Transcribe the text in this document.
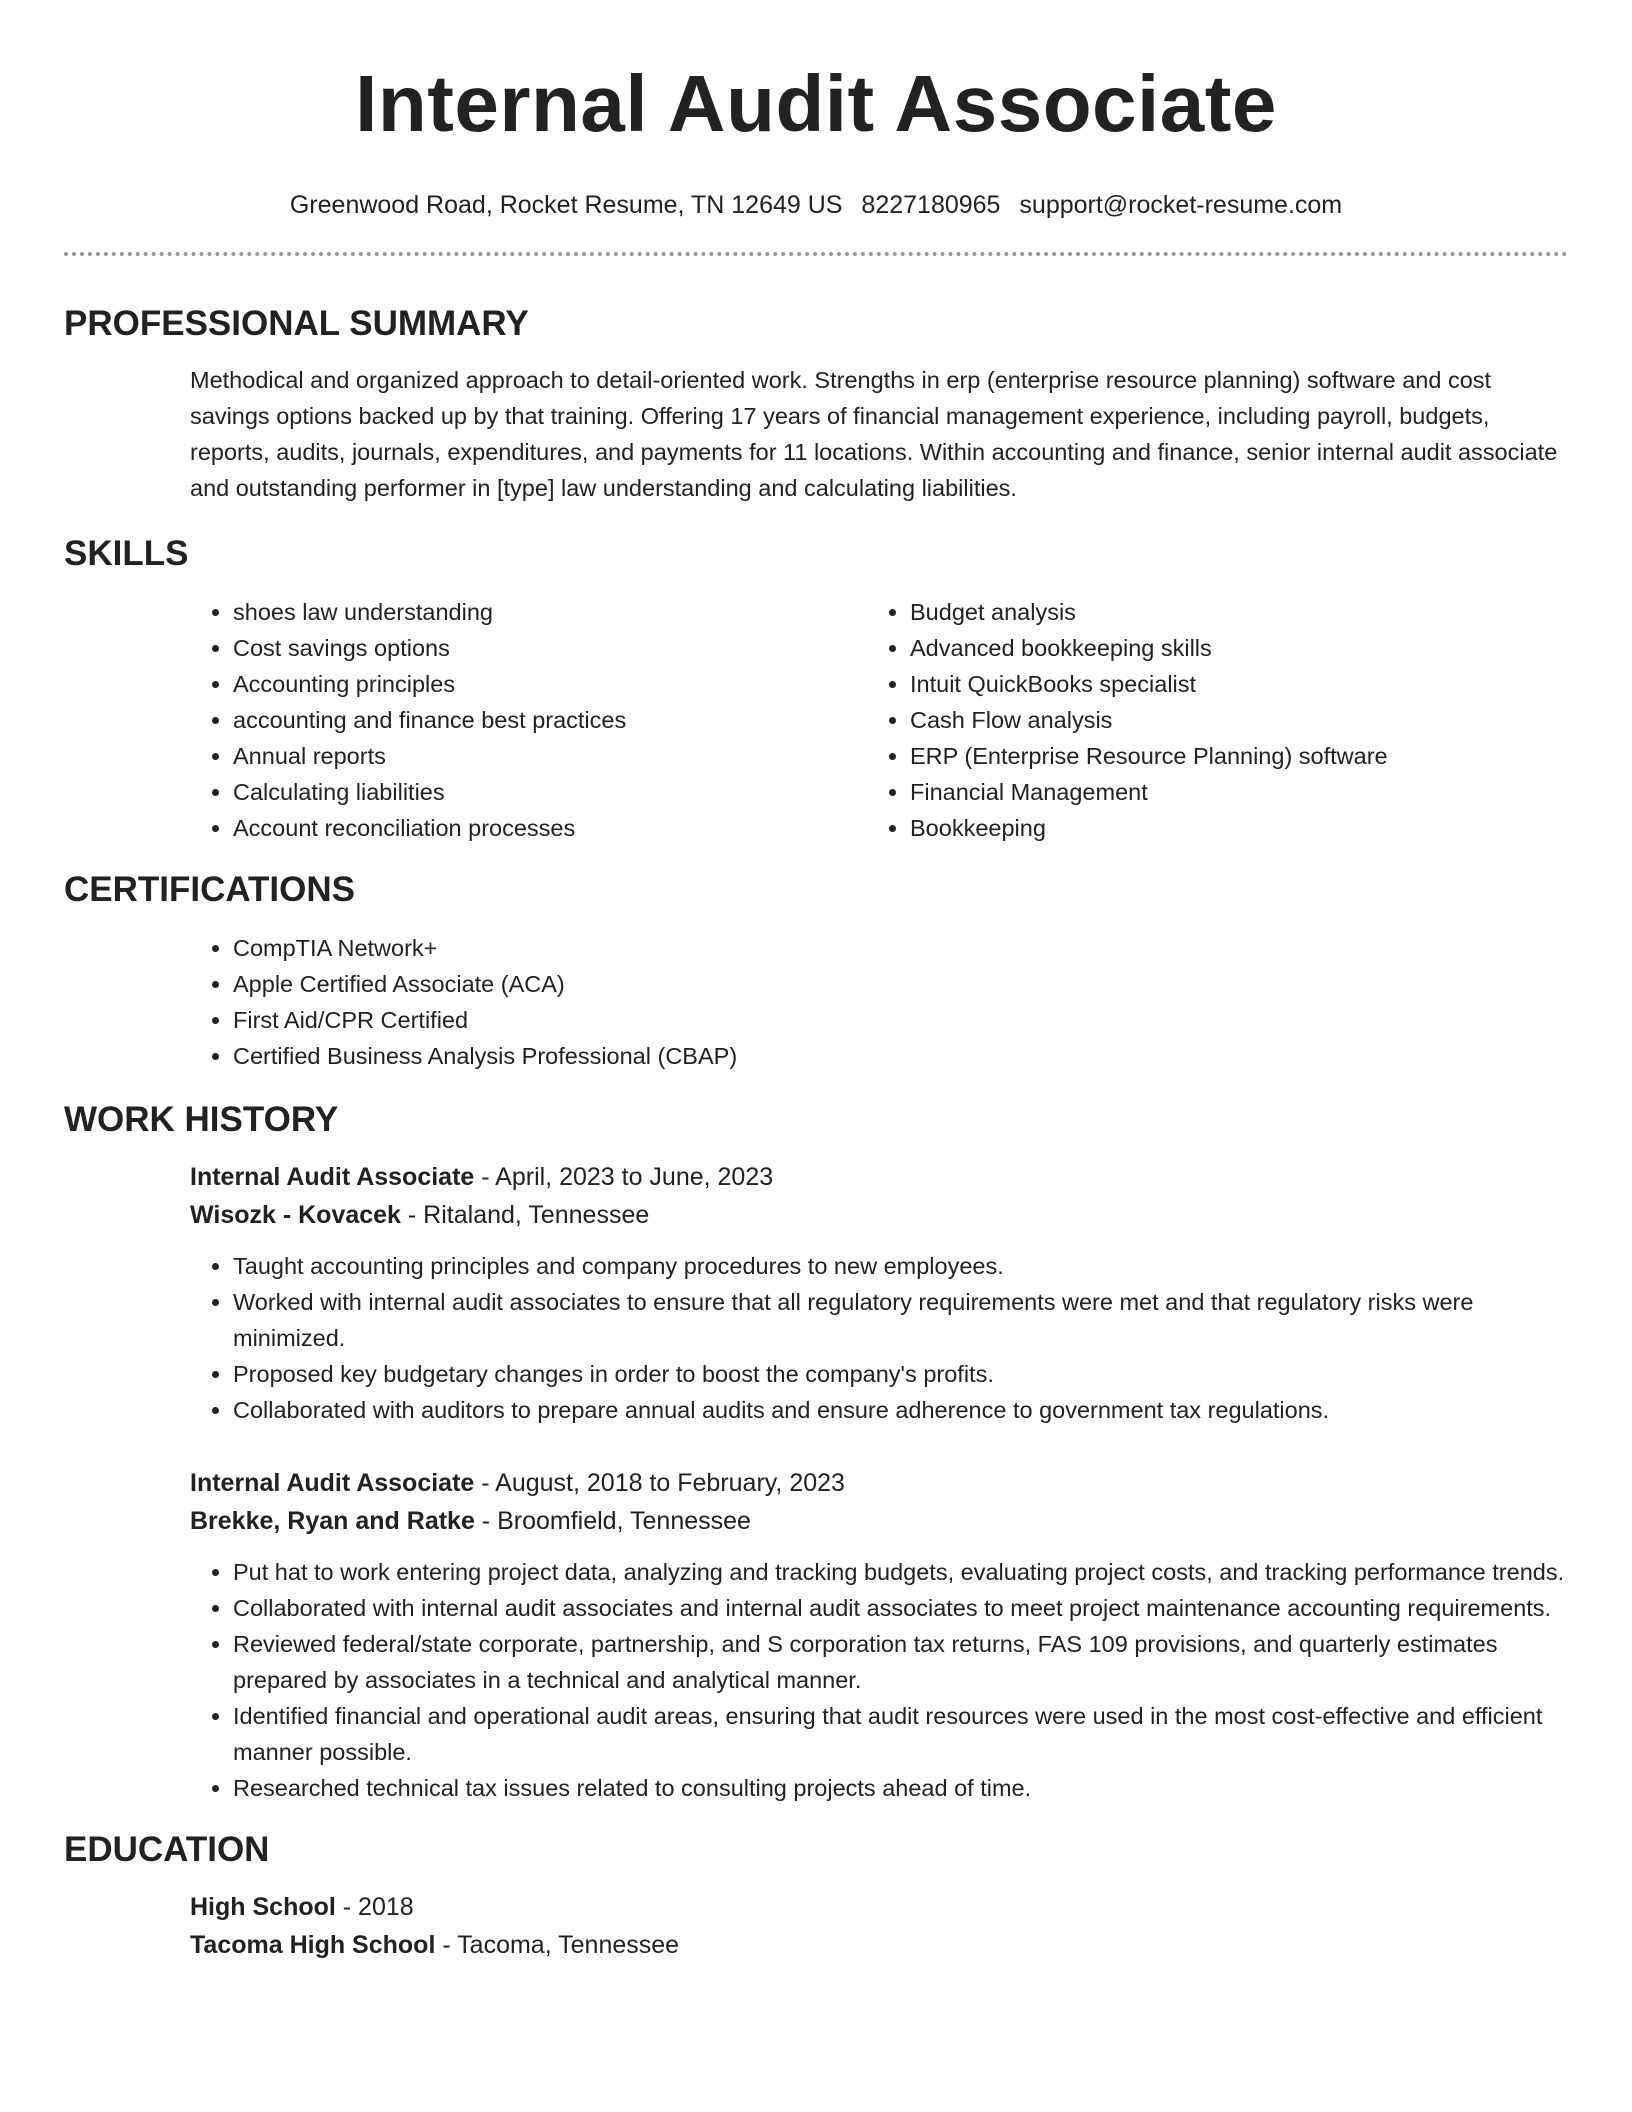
Internal Audit Associate
Greenwood Road, Rocket Resume, TN 12649 US 8227180965 support@rocket-resume.com
PROFESSIONAL SUMMARY

Methodical and organized approach to detail-oriented work. Strengths in erp (enterprise resource planning) software and cost savings options backed up by that training. Offering 17 years of financial management experience, including payroll, budgets, reports, audits, journals, expenditures, and payments for 11 locations. Within accounting and finance, senior internal audit associate and outstanding performer in [type] law understanding and calculating liabilities.

SKILLS
• shoes law understanding
• Cost savings options
• Accounting principles
• accounting and finance best practices
• Annual reports
• Calculating liabilities
• Account reconciliation processes
• Budget analysis
• Advanced bookkeeping skills
• Intuit QuickBooks specialist
• Cash Flow analysis
• ERP (Enterprise Resource Planning) software
• Financial Management
• Bookkeeping
CERTIFICATIONS
• CompTIA Network+
• Apple Certified Associate (ACA)
• First Aid/CPR Certified
• Certified Business Analysis Professional (CBAP)
WORK HISTORY
Internal Audit Associate - April, 2023 to June, 2023
Wisozk - Kovacek - Ritaland, Tennessee
• Taught accounting principles and company procedures to new employees.
• Worked with internal audit associates to ensure that all regulatory requirements were met and that regulatory risks were minimized.
• Proposed key budgetary changes in order to boost the company's profits.
• Collaborated with auditors to prepare annual audits and ensure adherence to government tax regulations.
Internal Audit Associate - August, 2018 to February, 2023
Brekke, Ryan and Ratke - Broomfield, Tennessee
• Put hat to work entering project data, analyzing and tracking budgets, evaluating project costs, and tracking performance trends.
• Collaborated with internal audit associates and internal audit associates to meet project maintenance accounting requirements.
• Reviewed federal/state corporate, partnership, and S corporation tax returns, FAS 109 provisions, and quarterly estimates prepared by associates in a technical and analytical manner.
• Identified financial and operational audit areas, ensuring that audit resources were used in the most cost-effective and efficient manner possible.
• Researched technical tax issues related to consulting projects ahead of time.
EDUCATION
High School - 2018
Tacoma High School - Tacoma, Tennessee
